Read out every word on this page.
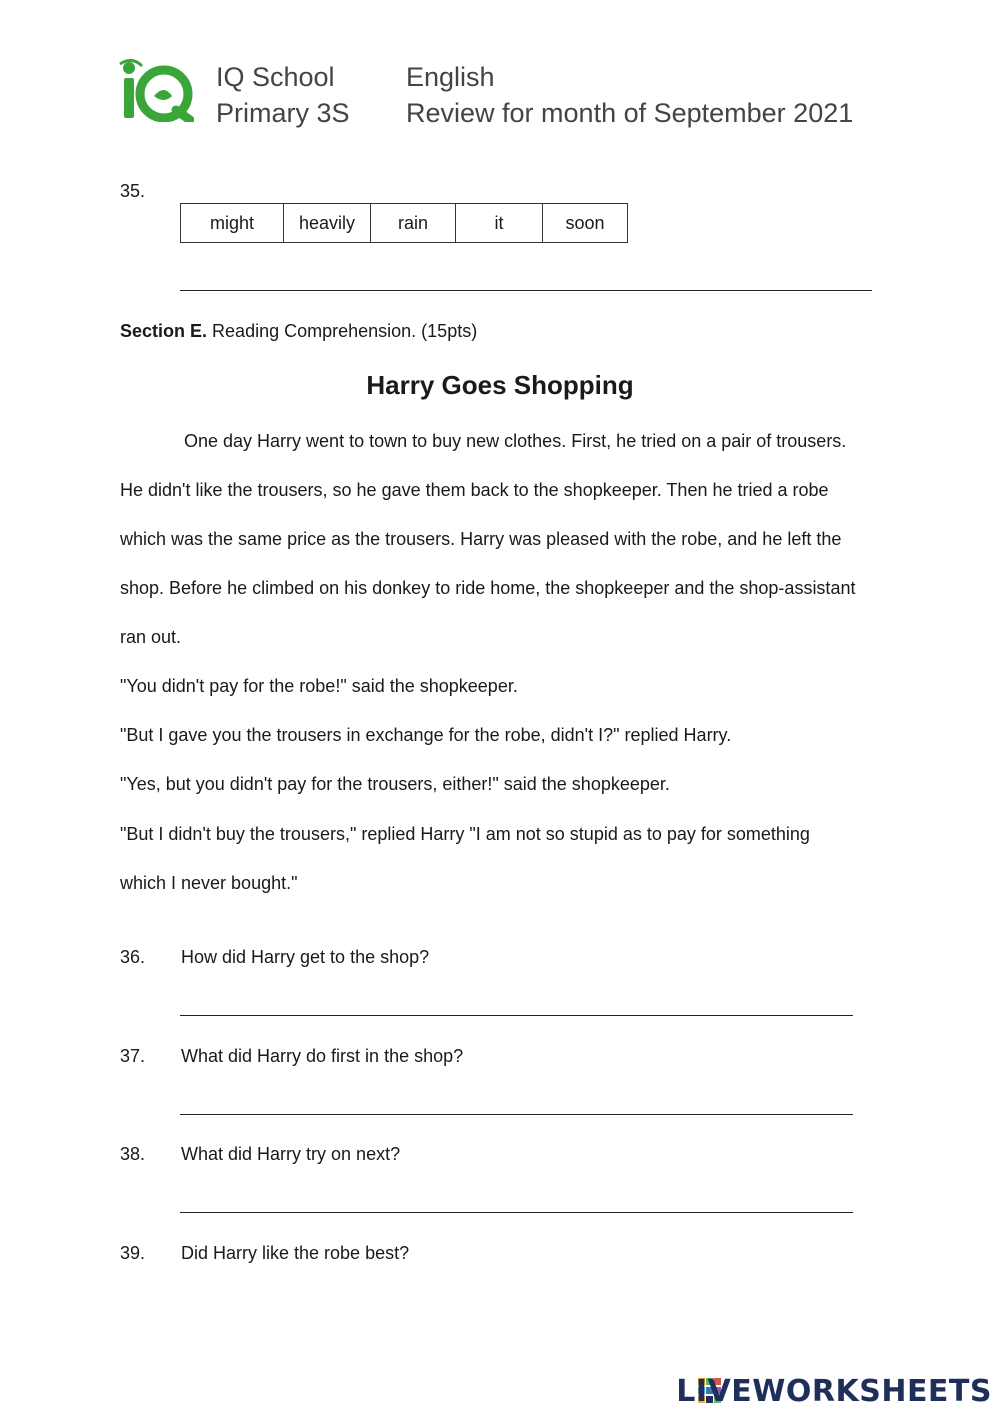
IQ School
Primary 3S
English
Review for month of September 2021
35.
might	heavily	rain	it	soon
Section E. Reading Comprehension. (15pts)
Harry Goes Shopping
One day Harry went to town to buy new clothes. First, he tried on a pair of trousers.
He didn't like the trousers, so he gave them back to the shopkeeper. Then he tried a robe
which was the same price as the trousers. Harry was pleased with the robe, and he left the
shop. Before he climbed on his donkey to ride home, the shopkeeper and the shop-assistant
ran out.
"You didn't pay for the robe!" said the shopkeeper.
"But I gave you the trousers in exchange for the robe, didn't I?" replied Harry.
"Yes, but you didn't pay for the trousers, either!" said the shopkeeper.
"But I didn't buy the trousers," replied Harry "I am not so stupid as to pay for something
which I never bought."
36. How did Harry get to the shop?
37. What did Harry do first in the shop?
38. What did Harry try on next?
39. Did Harry like the robe best?
LIVEWORKSHEETS
